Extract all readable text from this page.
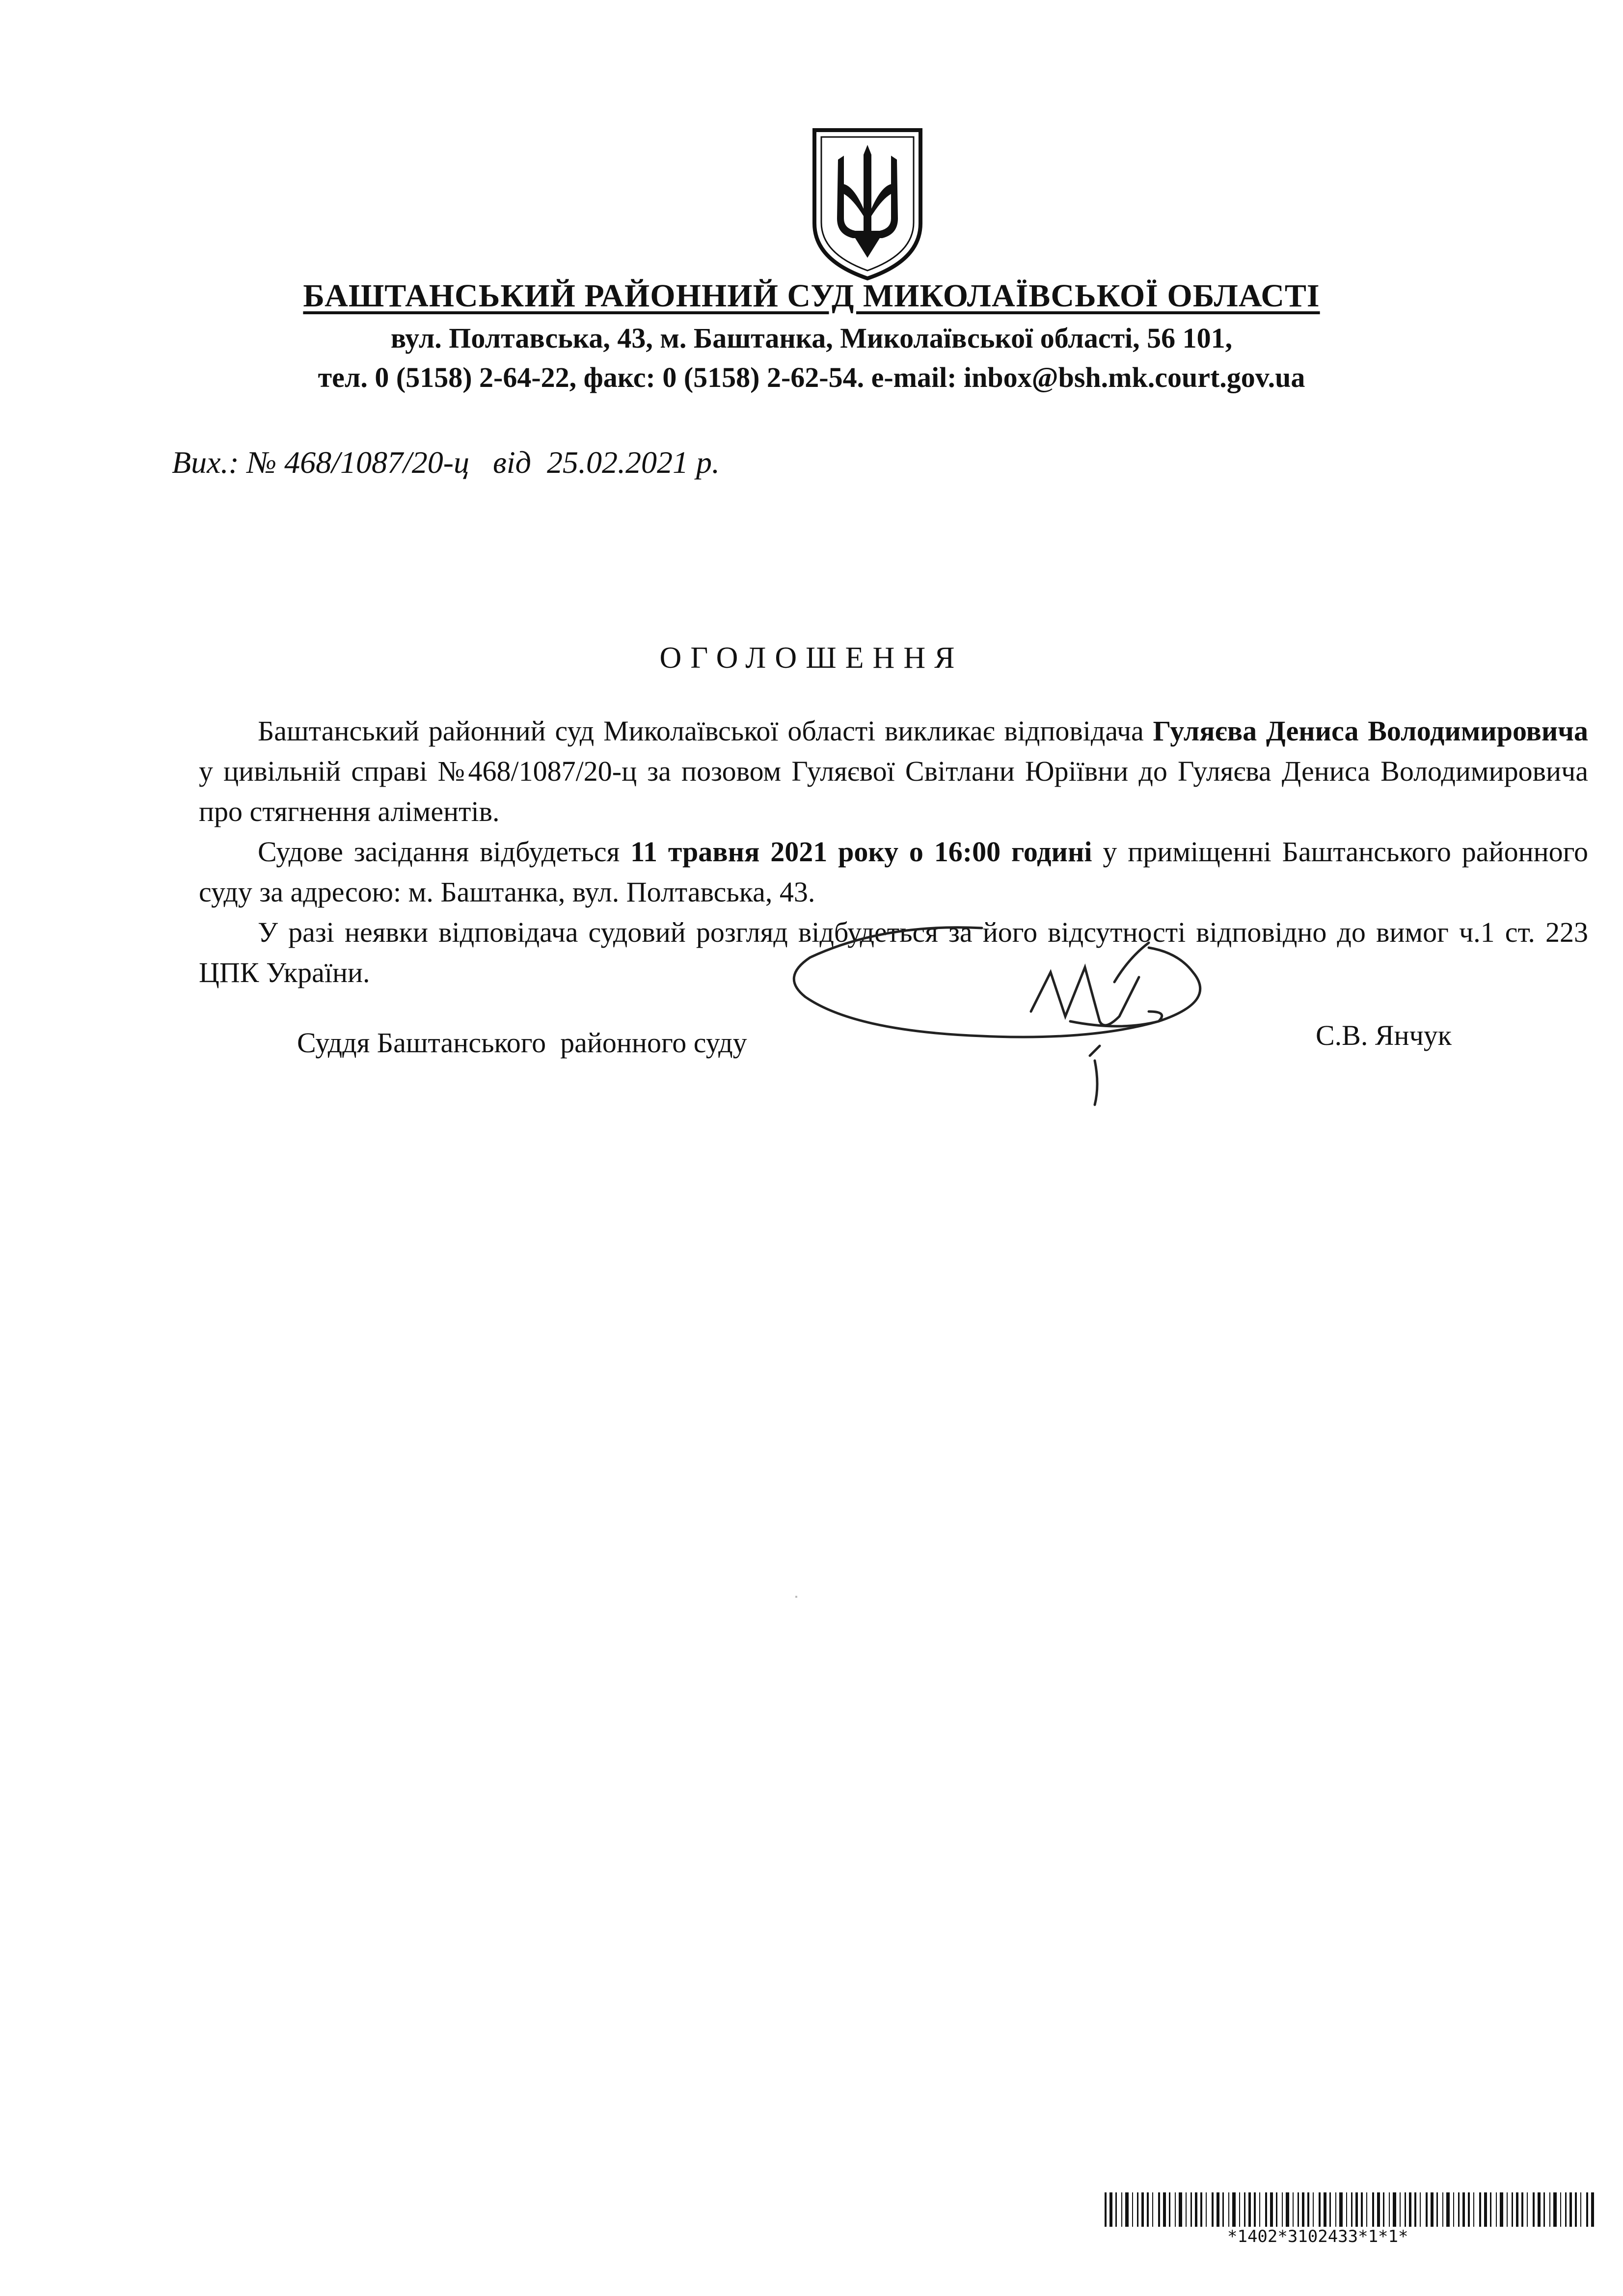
БАШТАНСЬКИЙ РАЙОННИЙ СУД МИКОЛАЇВСЬКОЇ ОБЛАСТІ
вул. Полтавська, 43, м. Баштанка, Миколаївської області, 56 101,
тел. 0 (5158) 2-64-22, факс: 0 (5158) 2-62-54. e-mail: inbox@bsh.mk.court.gov.ua
Вих.: № 468/1087/20-ц від 25.02.2021 р.
ОГОЛОШЕННЯ

Баштанський районний суд Миколаївської області викликає відповідача Гуляєва Дениса Володимировича у цивільній справі №468/1087/20-ц за позовом Гуляєвої Світлани Юріївни до Гуляєва Дениса Володимировича про стягнення аліментів.

Судове засідання відбудеться 11 травня 2021 року о 16:00 годині у приміщенні Баштанського районного суду за адресою: м. Баштанка, вул. Полтавська, 43.

У разі неявки відповідача судовий розгляд відбудеться за його відсутності відповідно до вимог ч.1 ст. 223 ЦПК України.

Суддя Баштанського  районного суду	С.В. Янчук
*1402*3102433*1*1*
